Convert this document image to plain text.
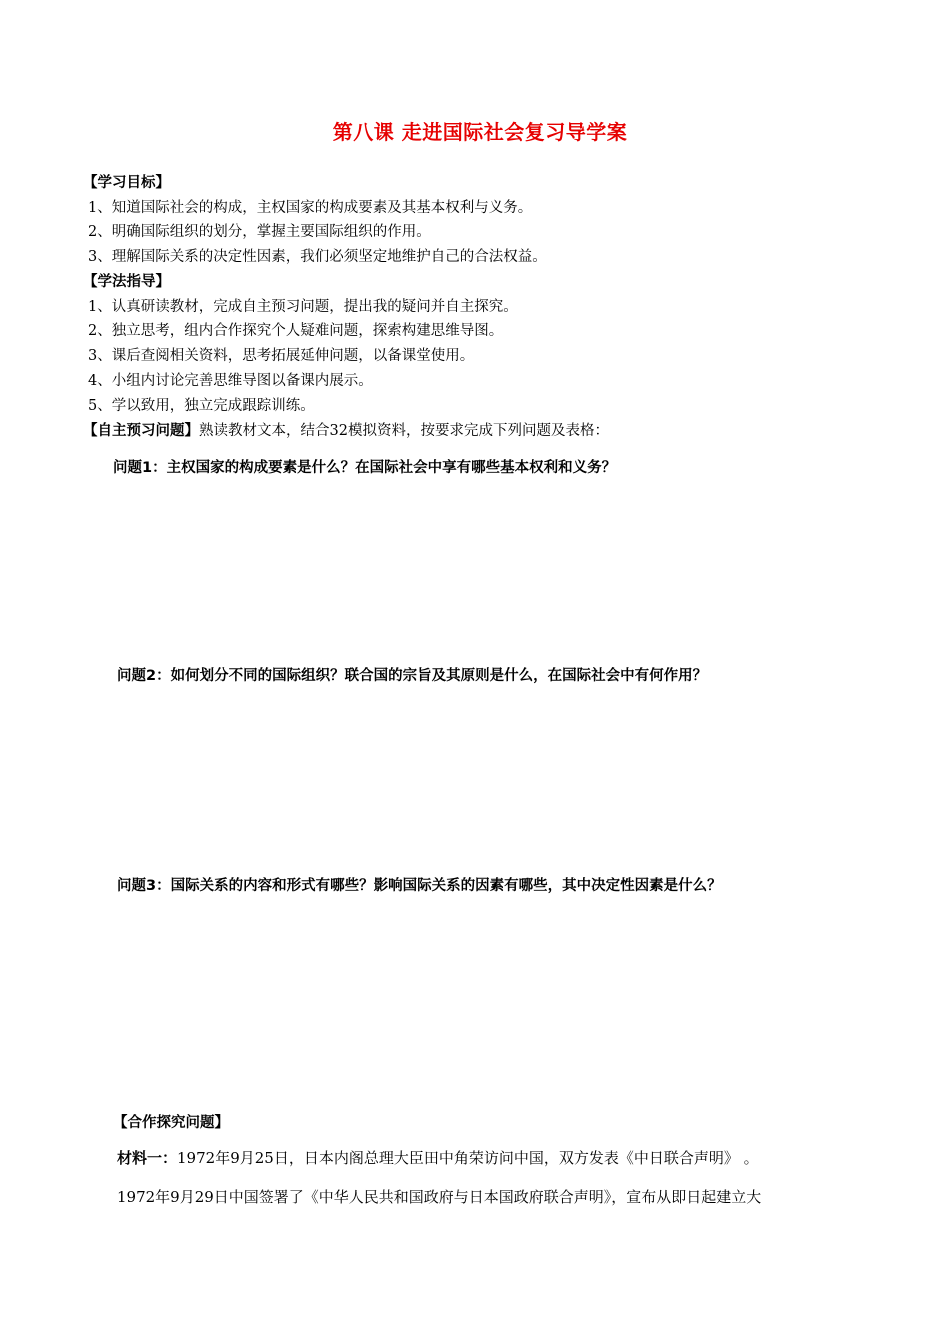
第八课 走进国际社会复习导学案
【学习目标】
1、知道国际社会的构成，主权国家的构成要素及其基本权利与义务。
2、明确国际组织的划分，掌握主要国际组织的作用。
3、理解国际关系的决定性因素，我们必须坚定地维护自己的合法权益。
【学法指导】
1、认真研读教材，完成自主预习问题，提出我的疑问并自主探究。
2、独立思考，组内合作探究个人疑难问题，探索构建思维导图。
3、课后查阅相关资料，思考拓展延伸问题，以备课堂使用。
4、小组内讨论完善思维导图以备课内展示。
5、学以致用，独立完成跟踪训练。
【自主预习问题】熟读教材文本，结合32模拟资料，按要求完成下列问题及表格：
问题1：主权国家的构成要素是什么？在国际社会中享有哪些基本权利和义务？
问题2：如何划分不同的国际组织？联合国的宗旨及其原则是什么，在国际社会中有何作用？
问题3：国际关系的内容和形式有哪些？影响国际关系的因素有哪些，其中决定性因素是什么？
【合作探究问题】
材料一：1972年9月25日，日本内阁总理大臣田中角荣访问中国，双方发表《中日联合声明》 。
1972年9月29日中国签署了《中华人民共和国政府与日本国政府联合声明》，宣布从即日起建立大
